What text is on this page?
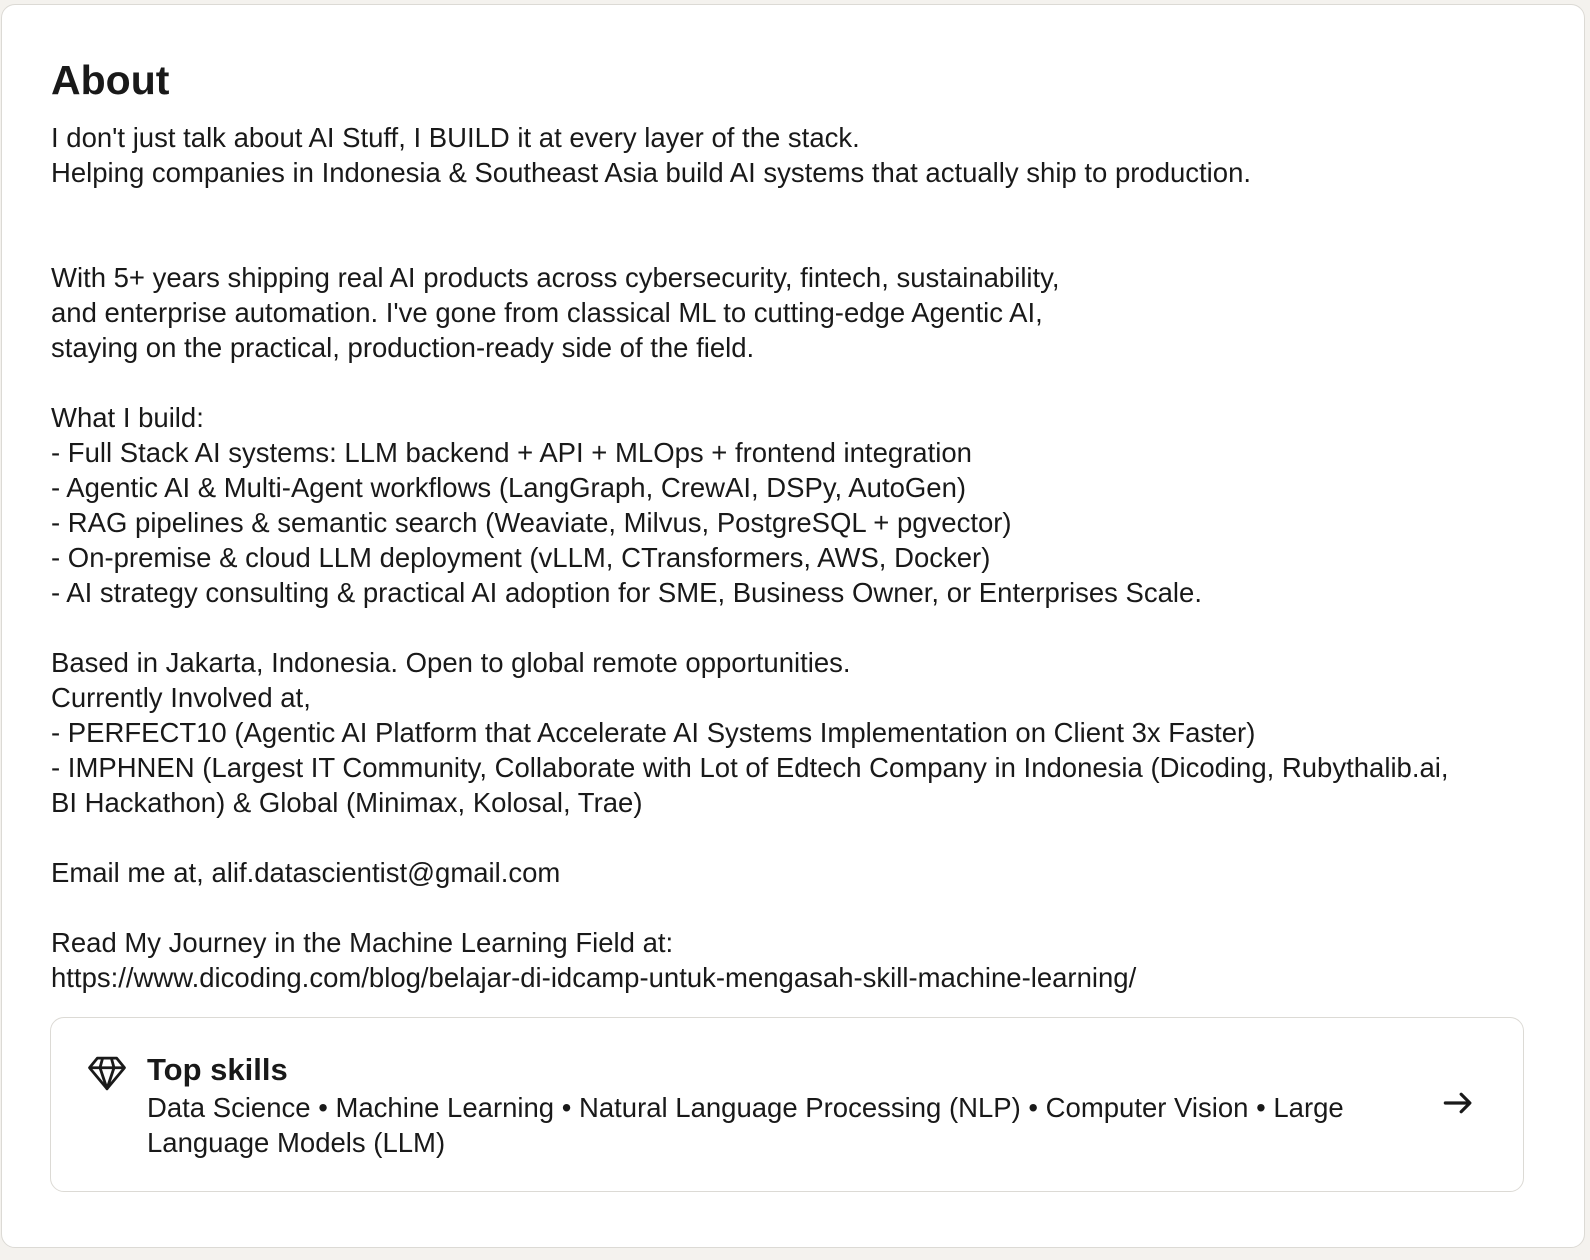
About

I don't just talk about AI Stuff, I BUILD it at every layer of the stack.
Helping companies in Indonesia & Southeast Asia build AI systems that actually ship to production.

With 5+ years shipping real AI products across cybersecurity, fintech, sustainability,
and enterprise automation. I've gone from classical ML to cutting-edge Agentic AI,
staying on the practical, production-ready side of the field.

What I build:
- Full Stack AI systems: LLM backend + API + MLOps + frontend integration
- Agentic AI & Multi-Agent workflows (LangGraph, CrewAI, DSPy, AutoGen)
- RAG pipelines & semantic search (Weaviate, Milvus, PostgreSQL + pgvector)
- On-premise & cloud LLM deployment (vLLM, CTransformers, AWS, Docker)
- AI strategy consulting & practical AI adoption for SME, Business Owner, or Enterprises Scale.

Based in Jakarta, Indonesia. Open to global remote opportunities.
Currently Involved at,
- PERFECT10 (Agentic AI Platform that Accelerate AI Systems Implementation on Client 3x Faster)
- IMPHNEN (Largest IT Community, Collaborate with Lot of Edtech Company in Indonesia (Dicoding, Rubythalib.ai,
BI Hackathon) & Global (Minimax, Kolosal, Trae)

Email me at, alif.datascientist@gmail.com

Read My Journey in the Machine Learning Field at:
https://www.dicoding.com/blog/belajar-di-idcamp-untuk-mengasah-skill-machine-learning/

Top skills
Data Science • Machine Learning • Natural Language Processing (NLP) • Computer Vision • Large Language Models (LLM)
